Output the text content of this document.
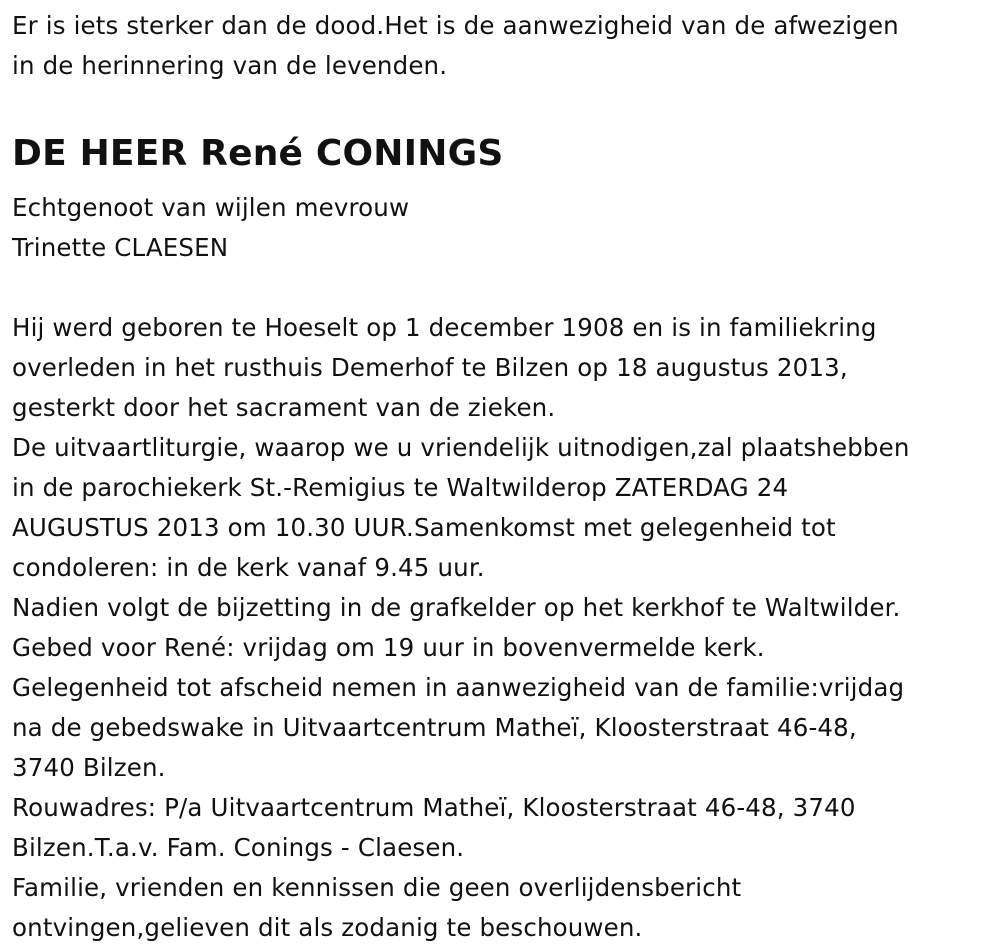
Er is iets sterker dan de dood.Het is de aanwezigheid van de afwezigen
in de herinnering van de levenden.
DE HEER René CONINGS
Echtgenoot van wijlen mevrouw
Trinette CLAESEN
Hij werd geboren te Hoeselt op 1 december 1908 en is in familiekring
overleden in het rusthuis Demerhof te Bilzen op 18 augustus 2013,
gesterkt door het sacrament van de zieken.
De uitvaartliturgie, waarop we u vriendelijk uitnodigen,zal plaatshebben
in de parochiekerk St.-Remigius te Waltwilderop ZATERDAG 24
AUGUSTUS 2013 om 10.30 UUR.Samenkomst met gelegenheid tot
condoleren: in de kerk vanaf 9.45 uur.
Nadien volgt de bijzetting in de grafkelder op het kerkhof te Waltwilder.
Gebed voor René: vrijdag om 19 uur in bovenvermelde kerk.
Gelegenheid tot afscheid nemen in aanwezigheid van de familie:vrijdag
na de gebedswake in Uitvaartcentrum Matheï, Kloosterstraat 46-48,
3740 Bilzen.
Rouwadres: P/a Uitvaartcentrum Matheï, Kloosterstraat 46-48, 3740
Bilzen.T.a.v. Fam. Conings - Claesen.
Familie, vrienden en kennissen die geen overlijdensbericht
ontvingen,gelieven dit als zodanig te beschouwen.
